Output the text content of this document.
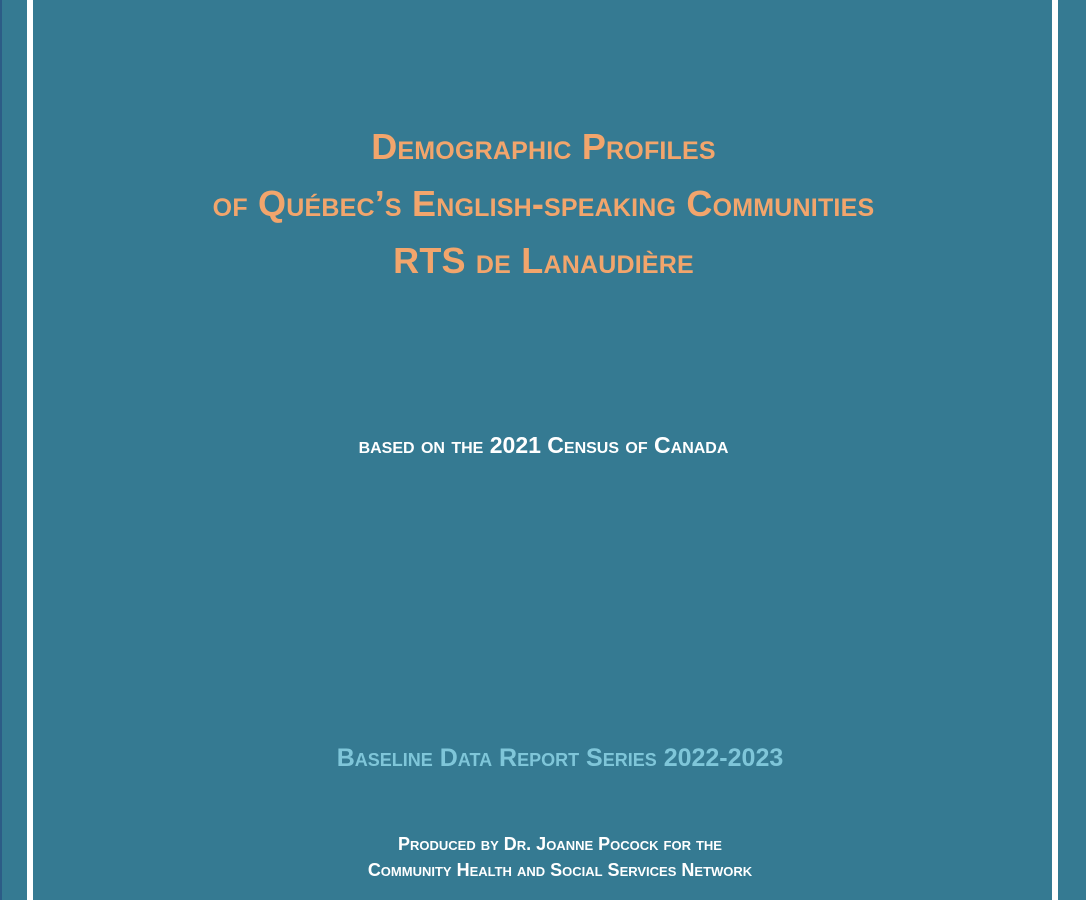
Demographic Profiles
of Québec’s English-speaking Communities
RTS de Lanaudière
based on the 2021 Census of Canada
Baseline Data Report Series 2022-2023
Produced by Dr. Joanne Pocock for the
Community Health and Social Services Network
